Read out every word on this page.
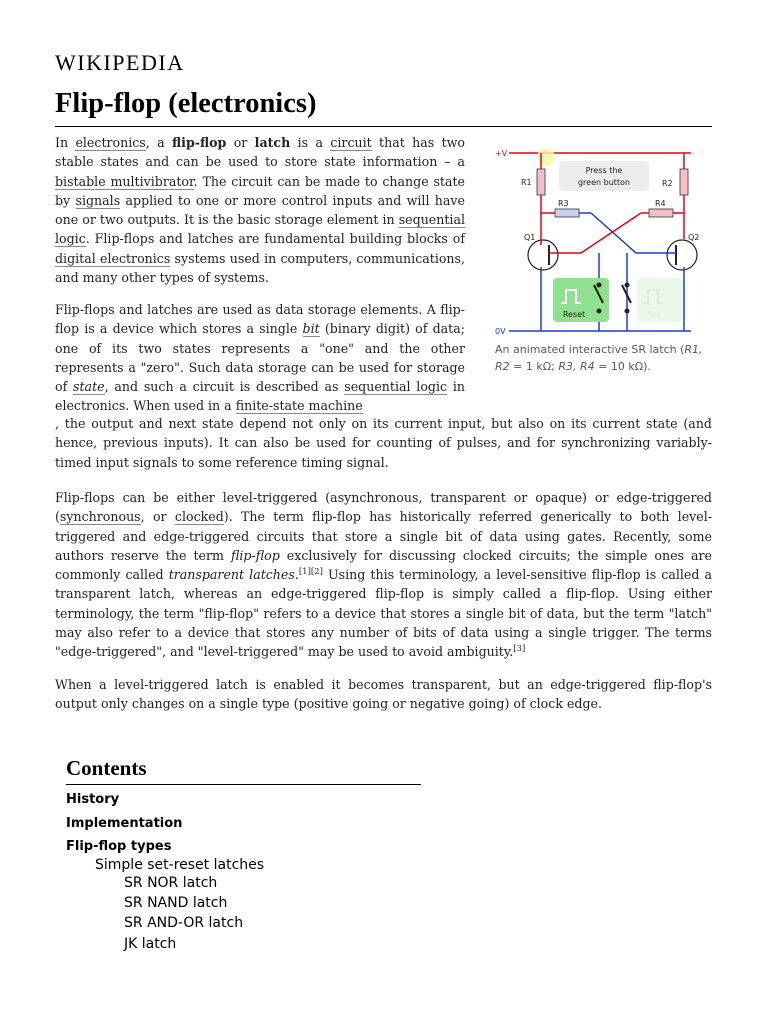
WIKIPEDIA
Flip-flop (electronics)

In electronics, a flip-flop or latch is a circuit that has two stable states and can be used to store state information – a bistable multivibrator. The circuit can be made to change state by signals applied to one or more control inputs and will have one or two outputs. It is the basic storage element in sequential logic. Flip-flops and latches are fundamental building blocks of digital electronics systems used in computers, communications, and many other types of systems.

Flip-flops and latches are used as data storage elements. A flip-flop is a device which stores a single bit (binary digit) of data; one of its two states represents a "one" and the other represents a "zero". Such data storage can be used for storage of state, and such a circuit is described as sequential logic in electronics. When used in a finite-state machine

Flip-flops can be either level-triggered (asynchronous, transparent or opaque) or edge-triggered (synchronous, or clocked). The term flip-flop has historically referred generically to both level-triggered and edge-triggered circuits that store a single bit of data using gates. Recently, some authors reserve the term flip-flop exclusively for discussing clocked circuits; the simple ones are commonly called transparent latches.[1][2] Using this terminology, a level-sensitive flip-flop is called a transparent latch, whereas an edge-triggered flip-flop is simply called a flip-flop. Using either terminology, the term "flip-flop" refers to a device that stores a single bit of data, but the term "latch" may also refer to a device that stores any number of bits of data using a single trigger. The terms "edge-triggered", and "level-triggered" may be used to avoid ambiguity.[3]

When a level-triggered latch is enabled it becomes transparent, but an edge-triggered flip-flop's output only changes on a single type (positive going or negative going) of clock edge.

+V
0V
R1	R2
R3	R4
Q1	Q2
Press the
green button
Reset	Set
An animated interactive SR latch (R1, R2 = 1 kΩ; R3, R4 = 10 kΩ).
Contents
History
Implementation
Flip-flop types
Simple set-reset latches
SR NOR latch
SR NAND latch
SR AND-OR latch
JK latch

, the output and next state depend not only on its current input, but also on its current state (and hence, previous inputs). It can also be used for counting of pulses, and for synchronizing variably-timed input signals to some reference timing signal.
